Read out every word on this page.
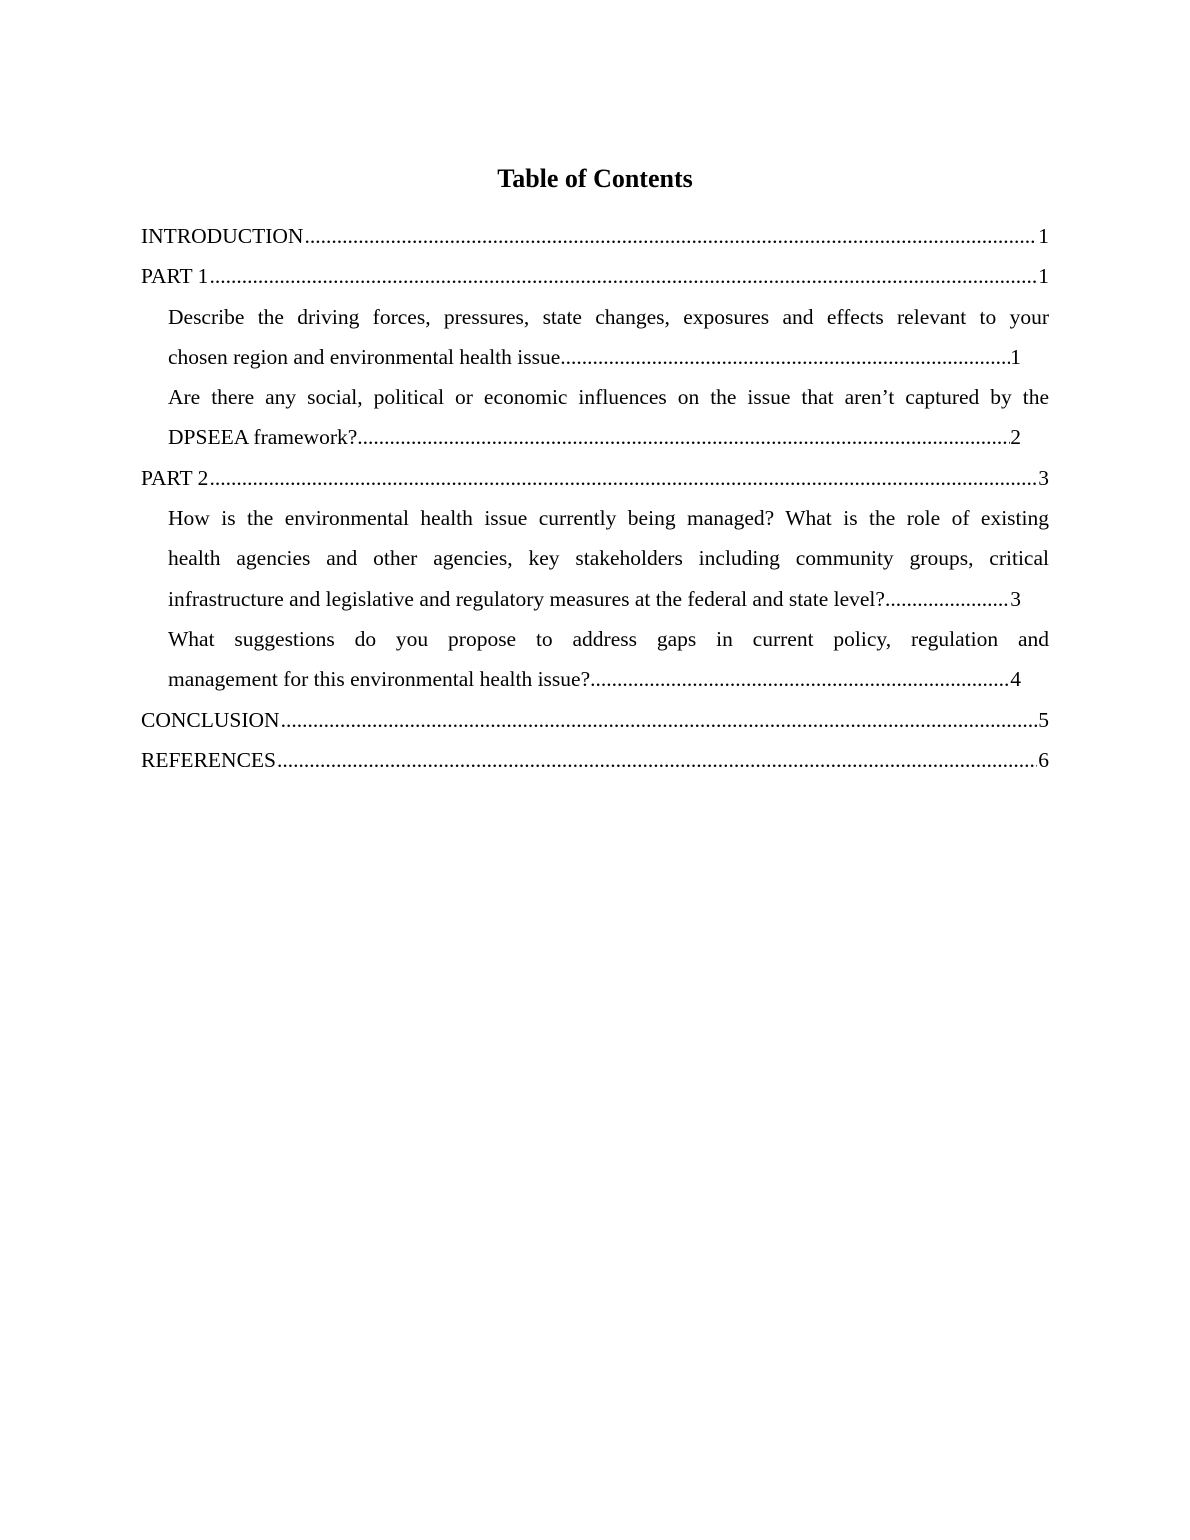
Table of Contents
INTRODUCTION .....	1
PART 1 .....	1
Describe the driving forces, pressures, state changes, exposures and effects relevant to your
chosen region and environmental health issue .....	1
Are there any social, political or economic influences on the issue that aren’t captured by the
DPSEEA framework? .....	2
PART 2 .....	3
How is the environmental health issue currently being managed? What is the role of existing
health agencies and other agencies, key stakeholders including community groups, critical
infrastructure and legislative and regulatory measures at the federal and state level? .....	3
What suggestions do you propose to address gaps in current policy, regulation and
management for this environmental health issue? .....	4
CONCLUSION .....	5
REFERENCES .....	6
